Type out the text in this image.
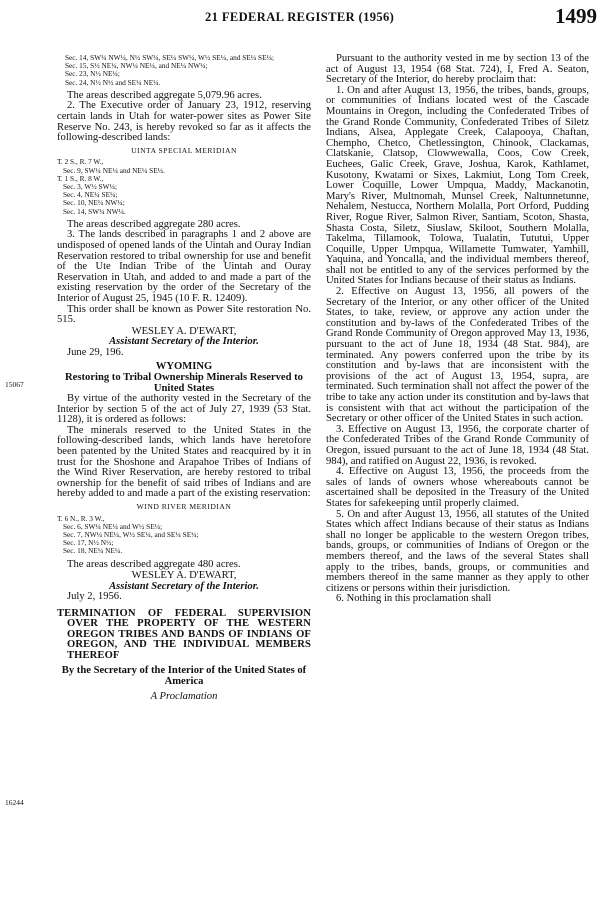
21 FEDERAL REGISTER (1956)	1499
15067
16244

Sec. 14, SW¼ NW¼, N½ SW¼, SE¼ SW¼, W½ SE¼, and SE¼ SE¼;

Sec. 15, S½ NE¼, NW¼ NE¼, and NE¼ NW¼;

Sec. 23, N½ NE¼;

Sec. 24, N½ N½ and SE¼ NE¼.

The areas described aggregate 5,079.96 acres.

2. The Executive order of January 23, 1912, reserving certain lands in Utah for water-power sites as Power Site Reserve No. 243, is hereby revoked so far as it affects the following-described lands:

UINTA SPECIAL MERIDIAN

T. 2 S., R. 7 W.,

Sec. 9, SW¼ NE¼ and NE¼ SE¼.

T. 1 S., R. 8 W.,

Sec. 3, W½ SW¼;

Sec. 4, NE¼ SE¼;

Sec. 10, NE¼ NW¼;

Sec. 14, SW¼ NW¼.

The areas described aggregate 280 acres.

3. The lands described in paragraphs 1 and 2 above are undisposed of opened lands of the Uintah and Ouray Indian Reservation restored to tribal ownership for use and benefit of the Ute Indian Tribe of the Uintah and Ouray Reservation in Utah, and added to and made a part of the existing reservation by the order of the Secretary of the Interior of August 25, 1945 (10 F. R. 12409).

This order shall be known as Power Site restoration No. 515.

WESLEY A. D'EWART,

Assistant Secretary of the Interior.

June 29, 196.

WYOMING

Restoring to Tribal Ownership Minerals Reserved to United States

By virtue of the authority vested in the Secretary of the Interior by section 5 of the act of July 27, 1939 (53 Stat. 1128), it is ordered as follows:

The minerals reserved to the United States in the following-described lands, which lands have heretofore been patented by the United States and reacquired by it in trust for the Shoshone and Arapahoe Tribes of Indians of the Wind River Reservation, are hereby restored to tribal ownership for the benefit of said tribes of Indians and are hereby added to and made a part of the existing reservation:

WIND RIVER MERIDIAN

T. 6 N., R. 3 W.,

Sec. 6, SW¼ NE¼ and W½ SE¼;

Sec. 7, NW¼ NE¼, W½ SE¼, and SE¼ SE¼;

Sec. 17, N½ N½;

Sec. 18, NE¼ NE¼.

The areas described aggregate 480 acres.

WESLEY A. D'EWART,

Assistant Secretary of the Interior.

July 2, 1956.

TERMINATION OF FEDERAL SUPERVISION OVER THE PROPERTY OF THE WESTERN OREGON TRIBES AND BANDS OF INDIANS OF OREGON, AND THE INDIVIDUAL MEMBERS THEREOF

By the Secretary of the Interior of the United States of America

A Proclamation

Pursuant to the authority vested in me by section 13 of the act of August 13, 1954 (68 Stat. 724), I, Fred A. Seaton, Secretary of the Interior, do hereby proclaim that:

1. On and after August 13, 1956, the tribes, bands, groups, or communities of Indians located west of the Cascade Mountains in Oregon, including the Confederated Tribes of the Grand Ronde Community, Confederated Tribes of Siletz Indians, Alsea, Applegate Creek, Calapooya, Chaftan, Chempho, Chetco, Chetlessington, Chinook, Clackamas, Clatskanie, Clatsop, Clowwewalla, Coos, Cow Creek, Euchees, Galic Creek, Grave, Joshua, Karok, Kathlamet, Kusotony, Kwatami or Sixes, Lakmiut, Long Tom Creek, Lower Coquille, Lower Umpqua, Maddy, Mackanotin, Mary's River, Multnomah, Munsel Creek, Naltunnetunne, Nehalem, Nestucca, Northern Molalla, Port Orford, Pudding River, Rogue River, Salmon River, Santiam, Scoton, Shasta, Shasta Costa, Siletz, Siuslaw, Skiloot, Southern Molalla, Takelma, Tillamook, Tolowa, Tualatin, Tututui, Upper Coquille, Upper Umpqua, Willamette Tumwater, Yamhill, Yaquina, and Yoncalla, and the individual members thereof, shall not be entitled to any of the services performed by the United States for Indians because of their status as Indians.

2. Effective on August 13, 1956, all powers of the Secretary of the Interior, or any other officer of the United States, to take, review, or approve any action under the constitution and by-laws of the Confederated Tribes of the Grand Ronde Community of Oregon approved May 13, 1936, pursuant to the act of June 18, 1934 (48 Stat. 984), are terminated. Any powers conferred upon the tribe by its constitution and by-laws that are inconsistent with the provisions of the act of August 13, 1954, supra, are terminated. Such termination shall not affect the power of the tribe to take any action under its constitution and by-laws that is consistent with that act without the participation of the Secretary or other officer of the United States in such action.

3. Effective on August 13, 1956, the corporate charter of the Confederated Tribes of the Grand Ronde Community of Oregon, issued pursuant to the act of June 18, 1934 (48 Stat. 984), and ratified on August 22, 1936, is revoked.

4. Effective on August 13, 1956, the proceeds from the sales of lands of owners whose whereabouts cannot be ascertained shall be deposited in the Treasury of the United States for safekeeping until properly claimed.

5. On and after August 13, 1956, all statutes of the United States which affect Indians because of their status as Indians shall no longer be applicable to the western Oregon tribes, bands, groups, or communities of Indians of Oregon or the members thereof, and the laws of the several States shall apply to the tribes, bands, groups, or communities and members thereof in the same manner as they apply to other citizens or persons within their jurisdiction.

6. Nothing in this proclamation shall
